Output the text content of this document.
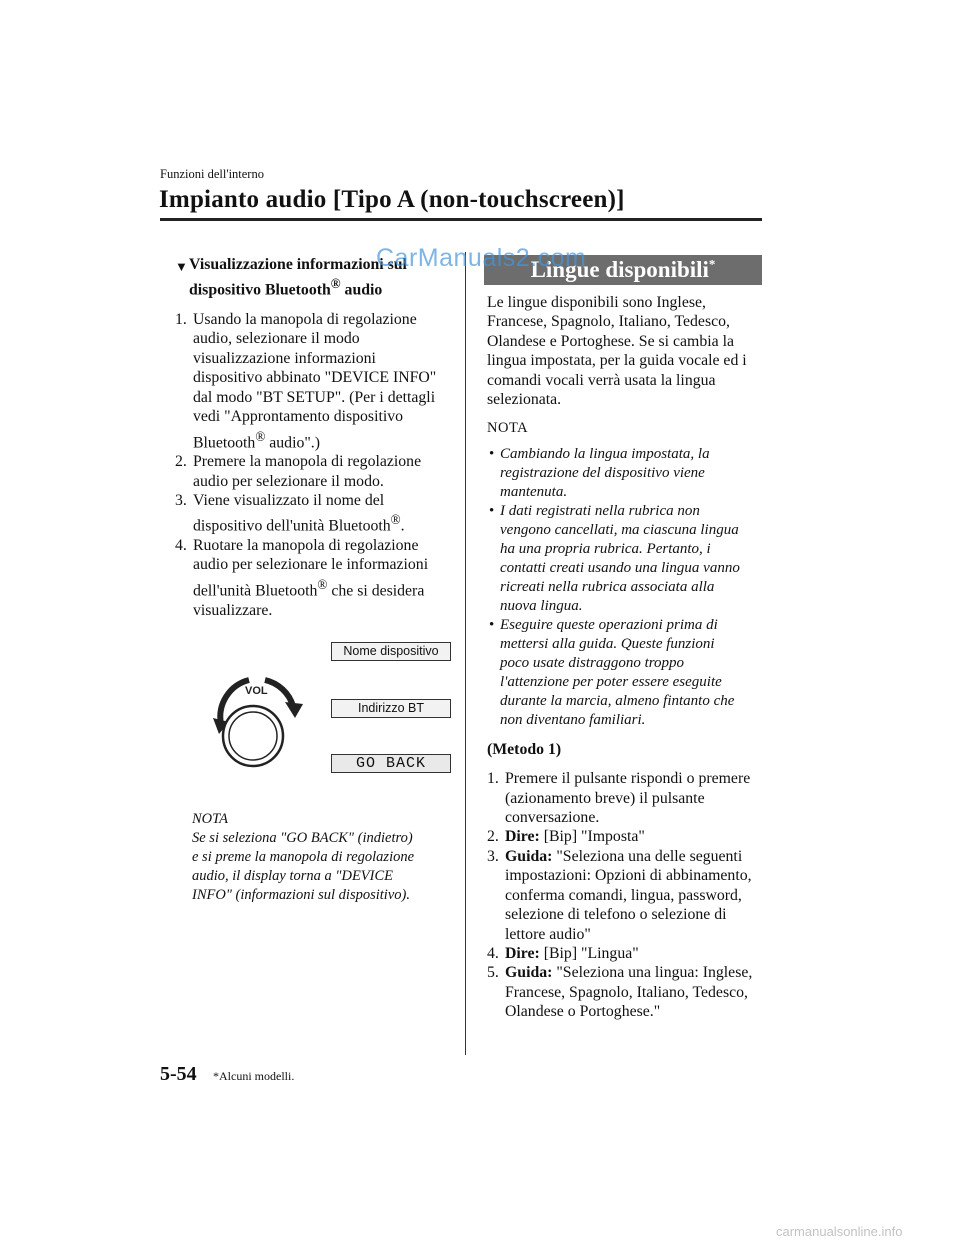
Funzioni dell'interno
Impianto audio [Tipo A (non-touchscreen)]
▼ Visualizzazione informazioni sul
dispositivo Bluetooth® audio
1. Usando la manopola di regolazione
audio, selezionare il modo
visualizzazione informazioni
dispositivo abbinato "DEVICE INFO"
dal modo "BT SETUP". (Per i dettagli
vedi "Approntamento dispositivo
Bluetooth® audio".)
2. Premere la manopola di regolazione
audio per selezionare il modo.
3. Viene visualizzato il nome del
dispositivo dell'unità Bluetooth®.
4. Ruotare la manopola di regolazione
audio per selezionare le informazioni
dell'unità Bluetooth® che si desidera
visualizzare.
VOL
Nome dispositivo
Indirizzo BT
GO BACK
NOTA
Se si seleziona "GO BACK" (indietro)
e si preme la manopola di regolazione
audio, il display torna a "DEVICE
INFO" (informazioni sul dispositivo).
Lingue disponibili*
Le lingue disponibili sono Inglese,
Francese, Spagnolo, Italiano, Tedesco,
Olandese e Portoghese. Se si cambia la
lingua impostata, per la guida vocale ed i
comandi vocali verrà usata la lingua
selezionata.
NOTA
• Cambiando la lingua impostata, la
registrazione del dispositivo viene
mantenuta.
• I dati registrati nella rubrica non
vengono cancellati, ma ciascuna lingua
ha una propria rubrica. Pertanto, i
contatti creati usando una lingua vanno
ricreati nella rubrica associata alla
nuova lingua.
• Eseguire queste operazioni prima di
mettersi alla guida. Queste funzioni
poco usate distraggono troppo
l'attenzione per poter essere eseguite
durante la marcia, almeno fintanto che
non diventano familiari.
(Metodo 1)
1. Premere il pulsante rispondi o premere
(azionamento breve) il pulsante
conversazione.
2. Dire: [Bip] "Imposta"
3. Guida: "Seleziona una delle seguenti
impostazioni: Opzioni di abbinamento,
conferma comandi, lingua, password,
selezione di telefono o selezione di
lettore audio"
4. Dire: [Bip] "Lingua"
5. Guida: "Seleziona una lingua: Inglese,
Francese, Spagnolo, Italiano, Tedesco,
Olandese o Portoghese."
5-54 *Alcuni modelli.
CarManuals2.com
carmanualsonline.info
